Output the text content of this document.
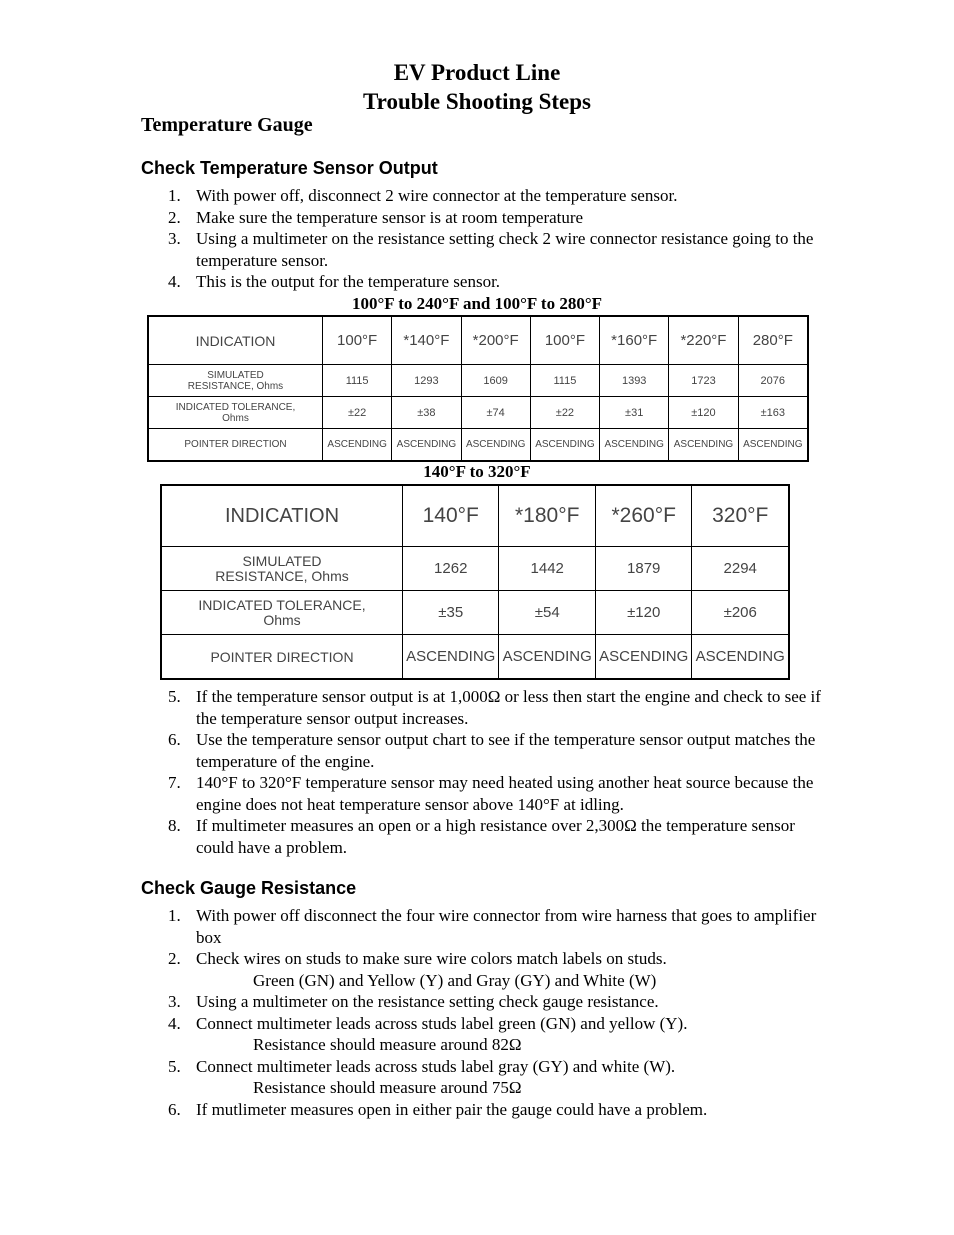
EV Product Line
Trouble Shooting Steps
Temperature Gauge
Check Temperature Sensor Output
1. With power off, disconnect 2 wire connector at the temperature sensor.
2. Make sure the temperature sensor is at room temperature
3. Using a multimeter on the resistance setting check 2 wire connector resistance going to the temperature sensor.
4. This is the output for the temperature sensor.
100°F to 240°F and 100°F to 280°F
INDICATION	100°F	*140°F	*200°F	100°F	*160°F	*220°F	280°F

SIMULATED
RESISTANCE, Ohms	1115	1293	1609	1115	1393	1723	2076

INDICATED TOLERANCE,
Ohms	±22	±38	±74	±22	±31	±120	±163
POINTER DIRECTION	ASCENDING	ASCENDING	ASCENDING	ASCENDING	ASCENDING	ASCENDING	ASCENDING
140°F to 320°F
INDICATION	140°F	*180°F	*260°F	320°F

SIMULATED
RESISTANCE, Ohms	1262	1442	1879	2294

INDICATED TOLERANCE,
Ohms	±35	±54	±120	±206
POINTER DIRECTION	ASCENDING	ASCENDING	ASCENDING	ASCENDING
5. If the temperature sensor output is at 1,000Ω or less then start the engine and check to see if the temperature sensor output increases.
6. Use the temperature sensor output chart to see if the temperature sensor output matches the temperature of the engine.
7. 140°F to 320°F temperature sensor may need heated using another heat source because the engine does not heat temperature sensor above 140°F at idling.
8. If multimeter measures an open or a high resistance over 2,300Ω the temperature sensor could have a problem.
Check Gauge Resistance
1. With power off disconnect the four wire connector from wire harness that goes to amplifier box
2. Check wires on studs to make sure wire colors match labels on studs.
Green (GN) and Yellow (Y) and Gray (GY) and White (W)
3. Using a multimeter on the resistance setting check gauge resistance.
4. Connect multimeter leads across studs label green (GN) and yellow (Y).
Resistance should measure around 82Ω
5. Connect multimeter leads across studs label gray (GY) and white (W).
Resistance should measure around 75Ω
6. If mutlimeter measures open in either pair the gauge could have a problem.
